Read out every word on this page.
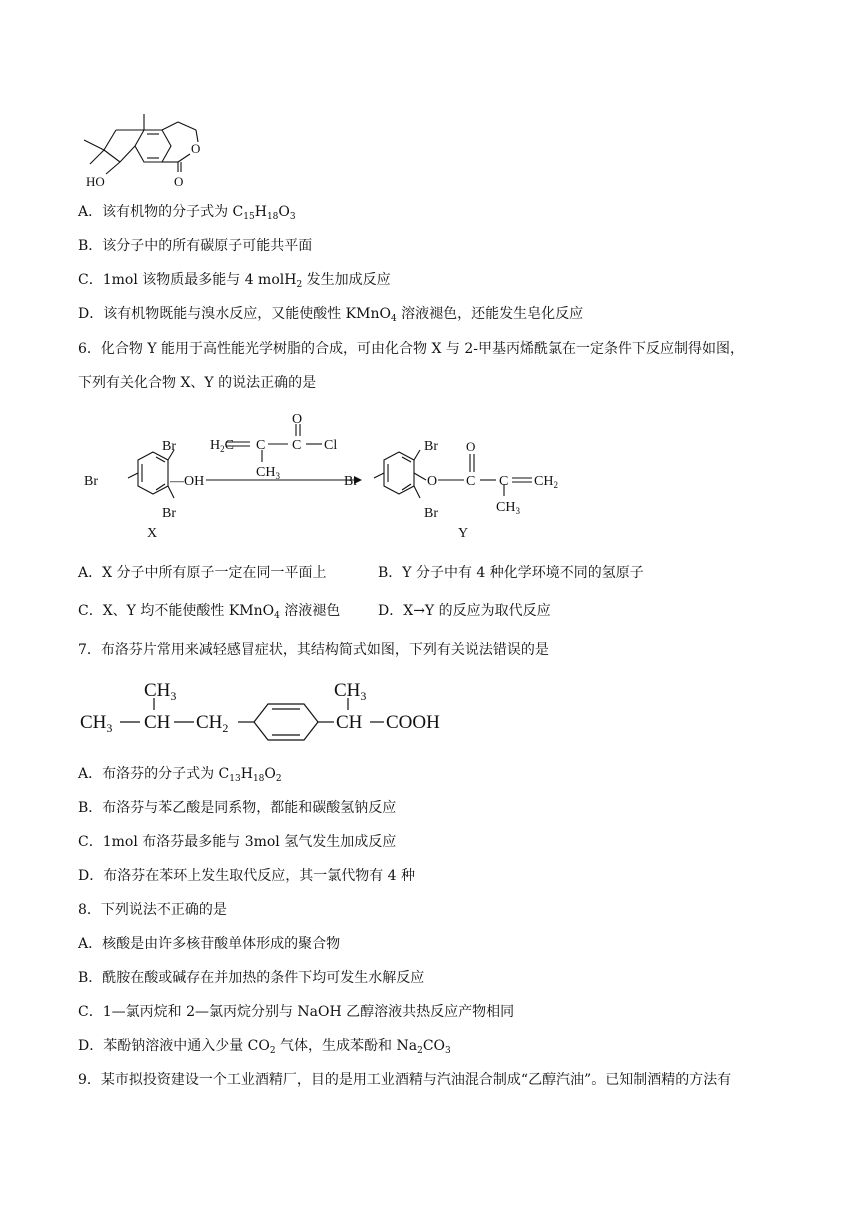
HO
O
O
A．该有机物的分子式为 $C_{15}H_{18}O_3$
B．该分子中的所有碳原子可能共平面
C．1mol 该物质最多能与 4 molH$_2$ 发生加成反应
D．该有机物既能与溴水反应，又能使酸性 KMnO$_4$ 溶液褪色，还能发生皂化反应
6．化合物 Y 能用于高性能光学树脂的合成，可由化合物 X 与 2-甲基丙烯酰氯在一定条件下反应制得如图，
下列有关化合物 X、Y 的说法正确的是
Br
Br
Br
—OH
X
$H_2C$ C
O
C Cl
$CH_3$	Br
Br
Br
O
O
C C $CH_2$
$CH_3$
Y
A．X 分子中所有原子一定在同一平面上	B．Y 分子中有 4 种化学环境不同的氢原子
C．X、Y 均不能使酸性 KMnO$_4$ 溶液褪色	D．X→Y 的反应为取代反应
7．布洛芬片常用来减轻感冒症状，其结构简式如图，下列有关说法错误的是
$CH_3$
$CH_3$
CH $CH_2$
$CH_3$
CH COOH
A．布洛芬的分子式为 $C_{13}H_{18}O_2$
B．布洛芬与苯乙酸是同系物，都能和碳酸氢钠反应
C．1mol 布洛芬最多能与 3mol 氢气发生加成反应
D．布洛芬在苯环上发生取代反应，其一氯代物有 4 种
8．下列说法不正确的是
A．核酸是由许多核苷酸单体形成的聚合物
B．酰胺在酸或碱存在并加热的条件下均可发生水解反应
C．1—氯丙烷和 2—氯丙烷分别与 NaOH 乙醇溶液共热反应产物相同
D．苯酚钠溶液中通入少量 $CO_2$ 气体，生成苯酚和 $Na_2CO_3$
9．某市拟投资建设一个工业酒精厂，目的是用工业酒精与汽油混合制成“乙醇汽油”。已知制酒精的方法有
